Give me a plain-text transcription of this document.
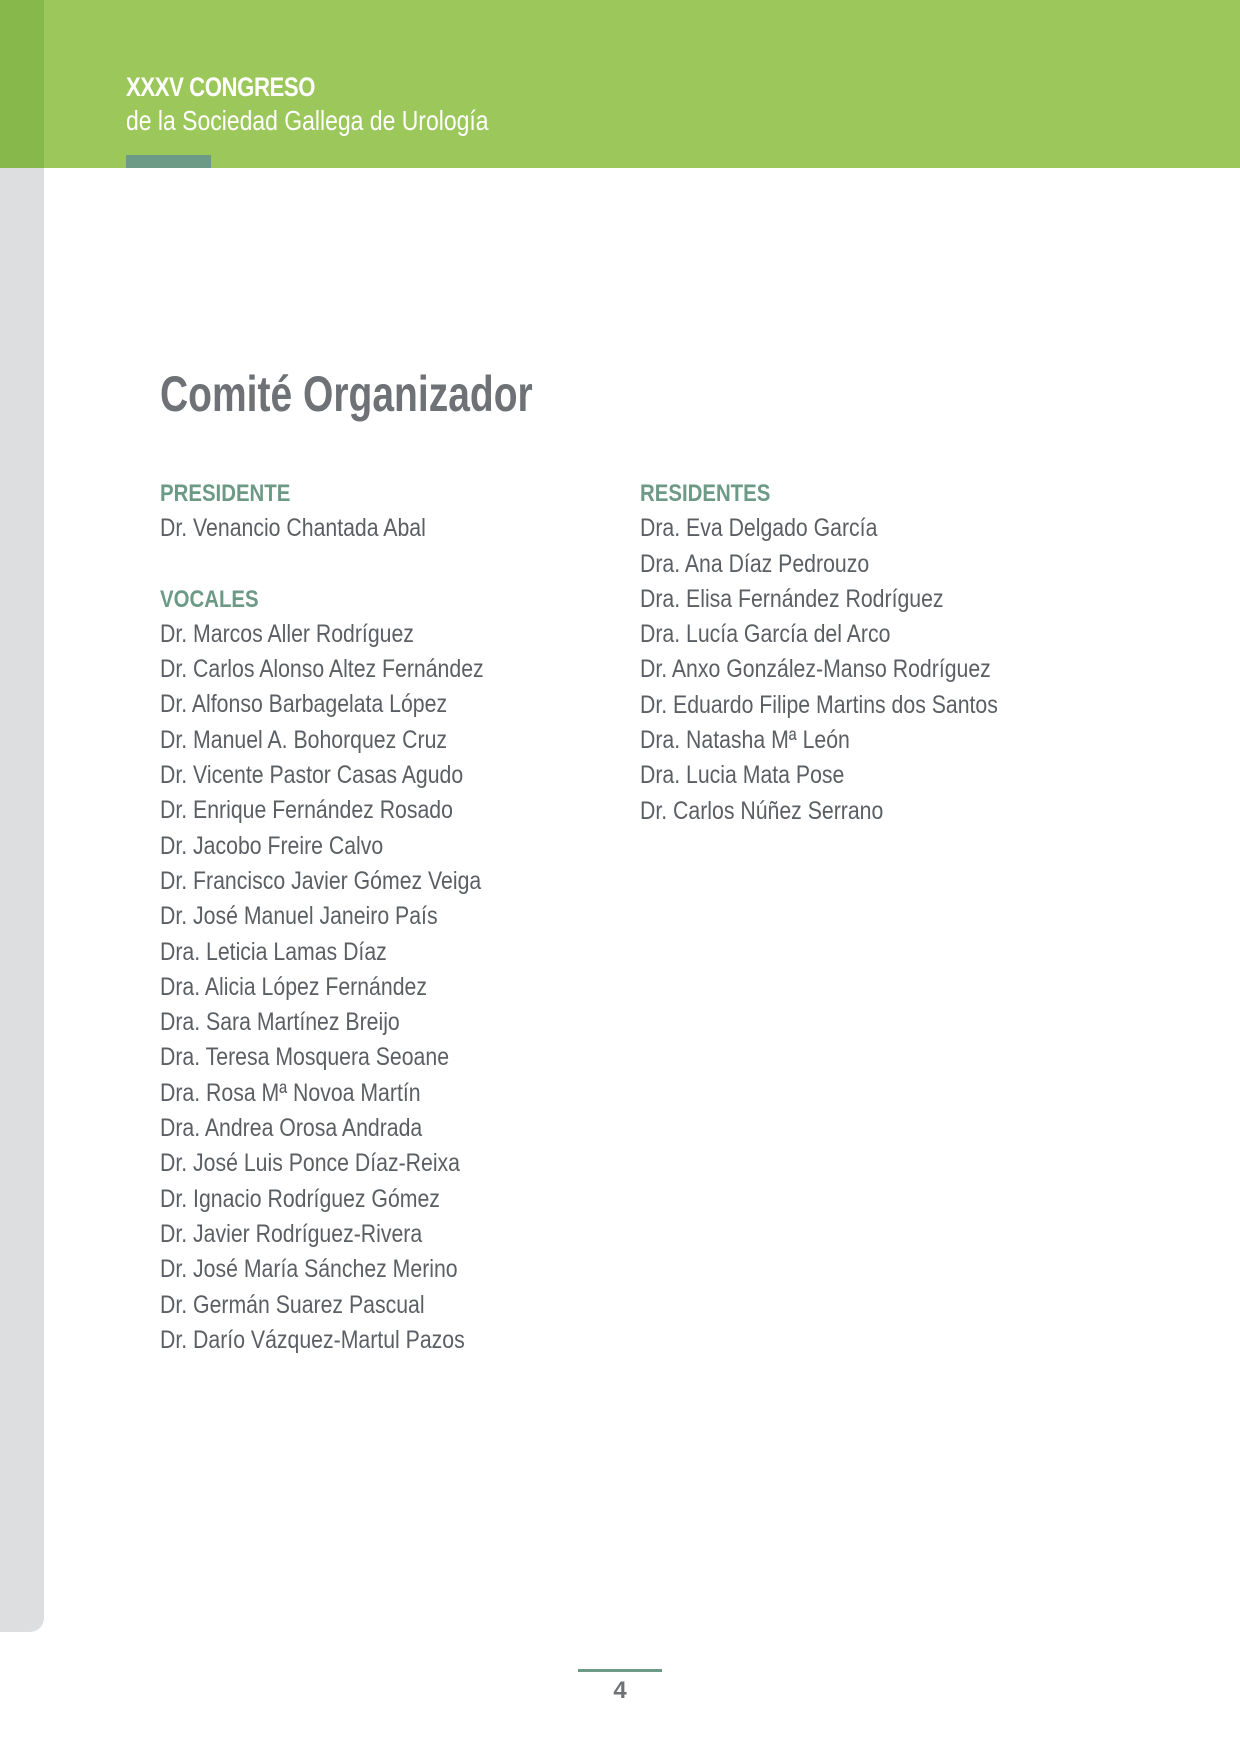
XXXV CONGRESO
de la Sociedad Gallega de Urología
Comité Organizador
PRESIDENTE
Dr. Venancio Chantada Abal
VOCALES
Dr. Marcos Aller Rodríguez
Dr. Carlos Alonso Altez Fernández
Dr. Alfonso Barbagelata López
Dr. Manuel A. Bohorquez Cruz
Dr. Vicente Pastor Casas Agudo
Dr. Enrique Fernández Rosado
Dr. Jacobo Freire Calvo
Dr. Francisco Javier Gómez Veiga
Dr. José Manuel Janeiro País
Dra. Leticia Lamas Díaz
Dra. Alicia López Fernández
Dra. Sara Martínez Breijo
Dra. Teresa Mosquera Seoane
Dra. Rosa Mª Novoa Martín
Dra. Andrea Orosa Andrada
Dr. José Luis Ponce Díaz-Reixa
Dr. Ignacio Rodríguez Gómez
Dr. Javier Rodríguez-Rivera
Dr. José María Sánchez Merino
Dr. Germán Suarez Pascual
Dr. Darío Vázquez-Martul Pazos
RESIDENTES
Dra. Eva Delgado García
Dra. Ana Díaz Pedrouzo
Dra. Elisa Fernández Rodríguez
Dra. Lucía García del Arco
Dr. Anxo González-Manso Rodríguez
Dr. Eduardo Filipe Martins dos Santos
Dra. Natasha Mª León
Dra. Lucia Mata Pose
Dr. Carlos Núñez Serrano
4
